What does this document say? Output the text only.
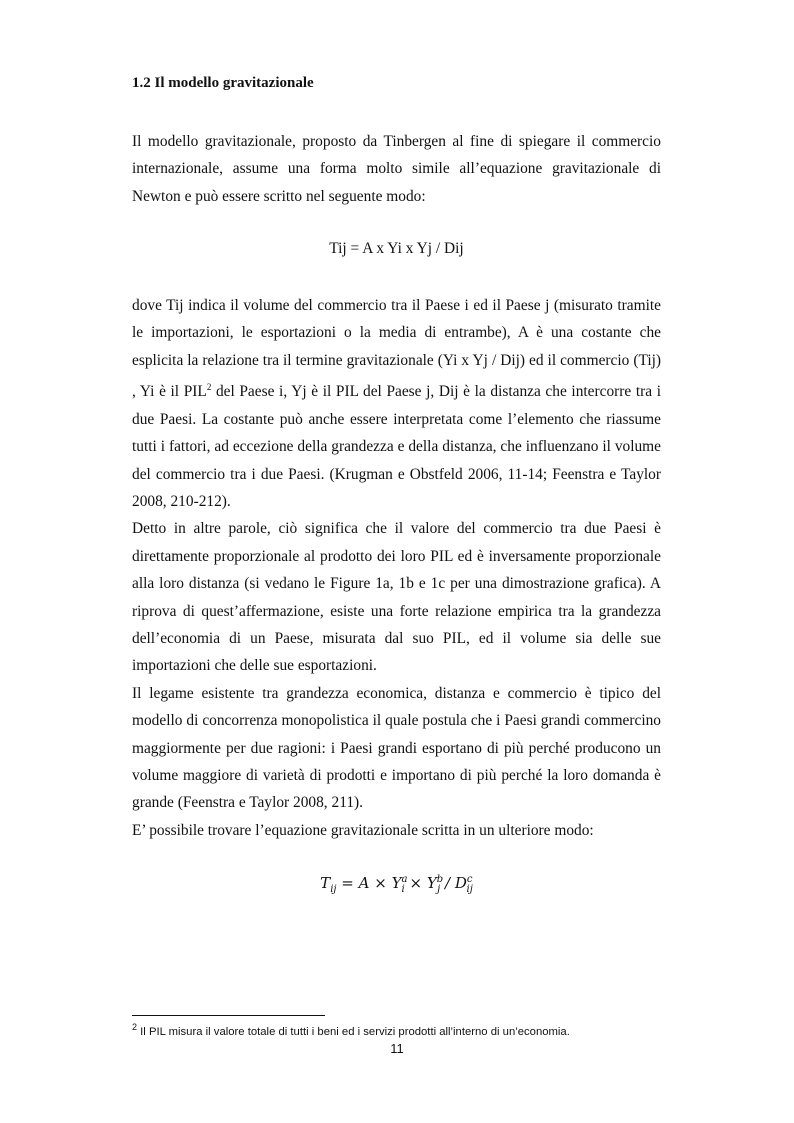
1.2 Il modello gravitazionale
Il modello gravitazionale, proposto da Tinbergen al fine di spiegare il commercio internazionale, assume una forma molto simile all’equazione gravitazionale di Newton e può essere scritto nel seguente modo:
Tij = A x Yi x Yj / Dij

dove Tij indica il volume del commercio tra il Paese i ed il Paese j (misurato tramite le importazioni, le esportazioni o la media di entrambe), A è una costante che esplicita la relazione tra il termine gravitazionale (Yi x Yj / Dij) ed il commercio (Tij) , Yi è il PIL$^2$ del Paese i, Yj è il PIL del Paese j, Dij è la distanza che intercorre tra i due Paesi. La costante può anche essere interpretata come l’elemento che riassume tutti i fattori, ad eccezione della grandezza e della distanza, che influenzano il volume del commercio tra i due Paesi. (Krugman e Obstfeld 2006, 11-14; Feenstra e Taylor 2008, 210-212).

Detto in altre parole, ciò significa che il valore del commercio tra due Paesi è direttamente proporzionale al prodotto dei loro PIL ed è inversamente proporzionale alla loro distanza (si vedano le Figure 1a, 1b e 1c per una dimostrazione grafica). A riprova di quest’affermazione, esiste una forte relazione empirica tra la grandezza dell’economia di un Paese, misurata dal suo PIL, ed il volume sia delle sue importazioni che delle sue esportazioni.

Il legame esistente tra grandezza economica, distanza e commercio è tipico del modello di concorrenza monopolistica il quale postula che i Paesi grandi commercino maggiormente per due ragioni: i Paesi grandi esportano di più perché producono un volume maggiore di varietà di prodotti e importano di più perché la loro domanda è grande (Feenstra e Taylor 2008, 211).

E’ possibile trovare l’equazione gravitazionale scritta in un ulteriore modo:

$T_{ij} = A \times Y^a_i \times Y^b_j / D^c_{ij}$
$^2$ Il PIL misura il valore totale di tutti i beni ed i servizi prodotti all’interno di un’economia.
11
